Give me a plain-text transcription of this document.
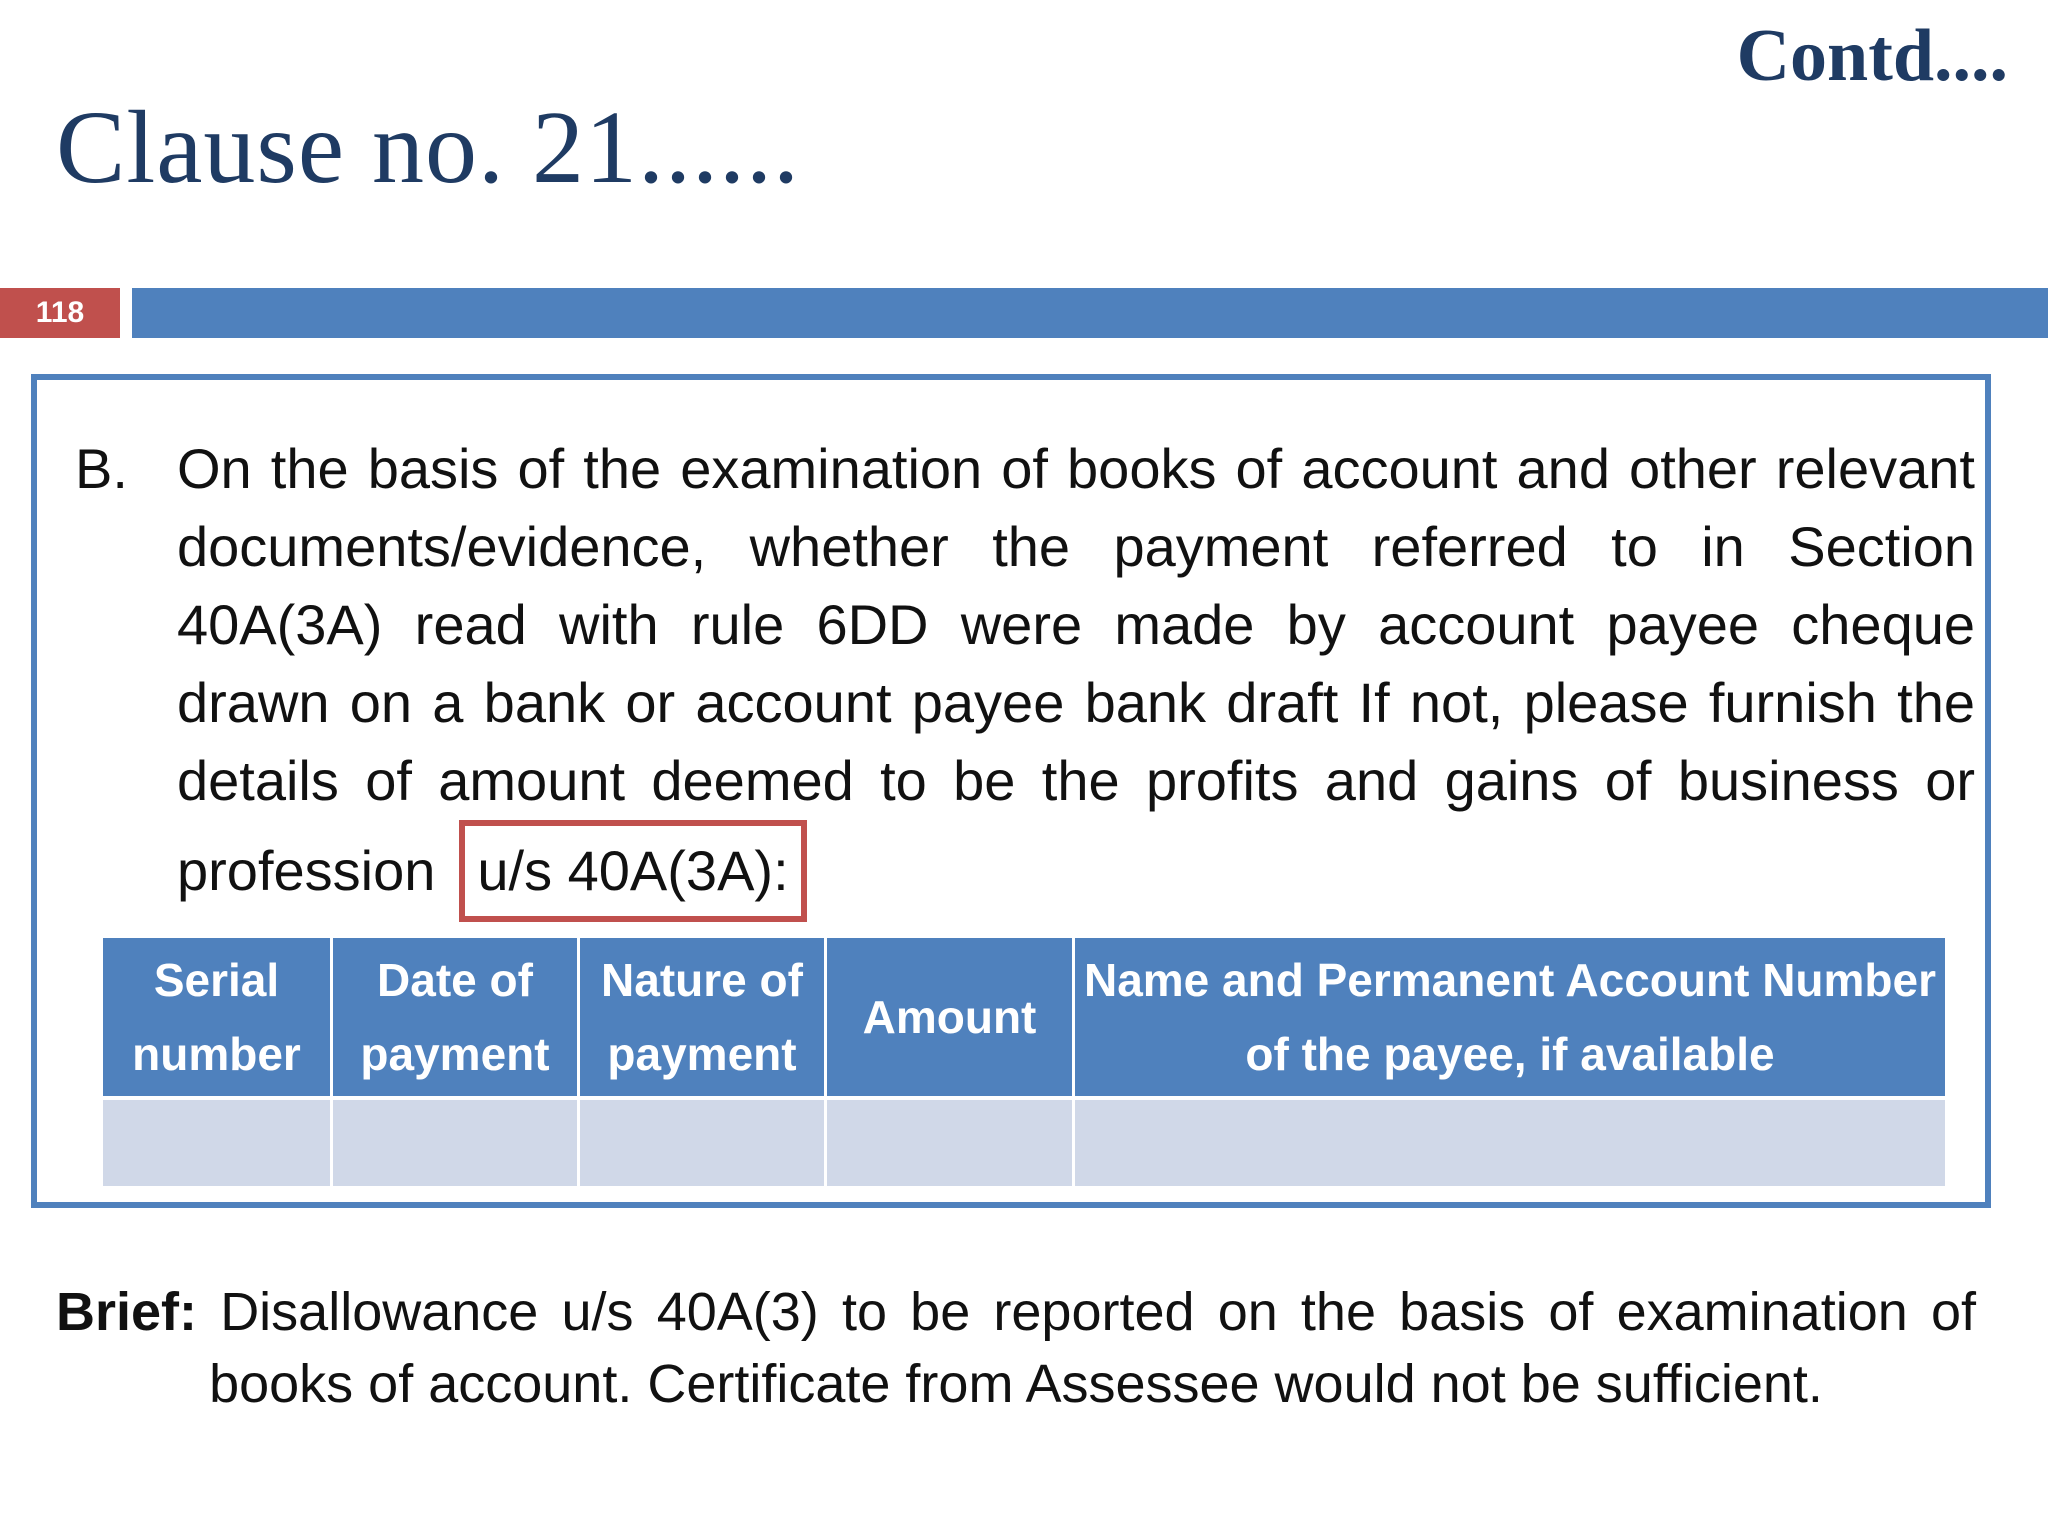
Contd....
Clause no. 21......
118
B. On the basis of the examination of books of account and other relevant documents/evidence, whether the payment referred to in Section 40A(3A) read with rule 6DD were made by account payee cheque drawn on a bank or account payee bank draft If not, please furnish the details of amount deemed to be the profits and gains of business or profession u/s 40A(3A):
Serial number
Date of payment
Nature of payment
Amount
Name and Permanent Account Number of the payee, if available
Brief: Disallowance u/s 40A(3) to be reported on the basis of examination of
books of account. Certificate from Assessee would not be sufficient.
